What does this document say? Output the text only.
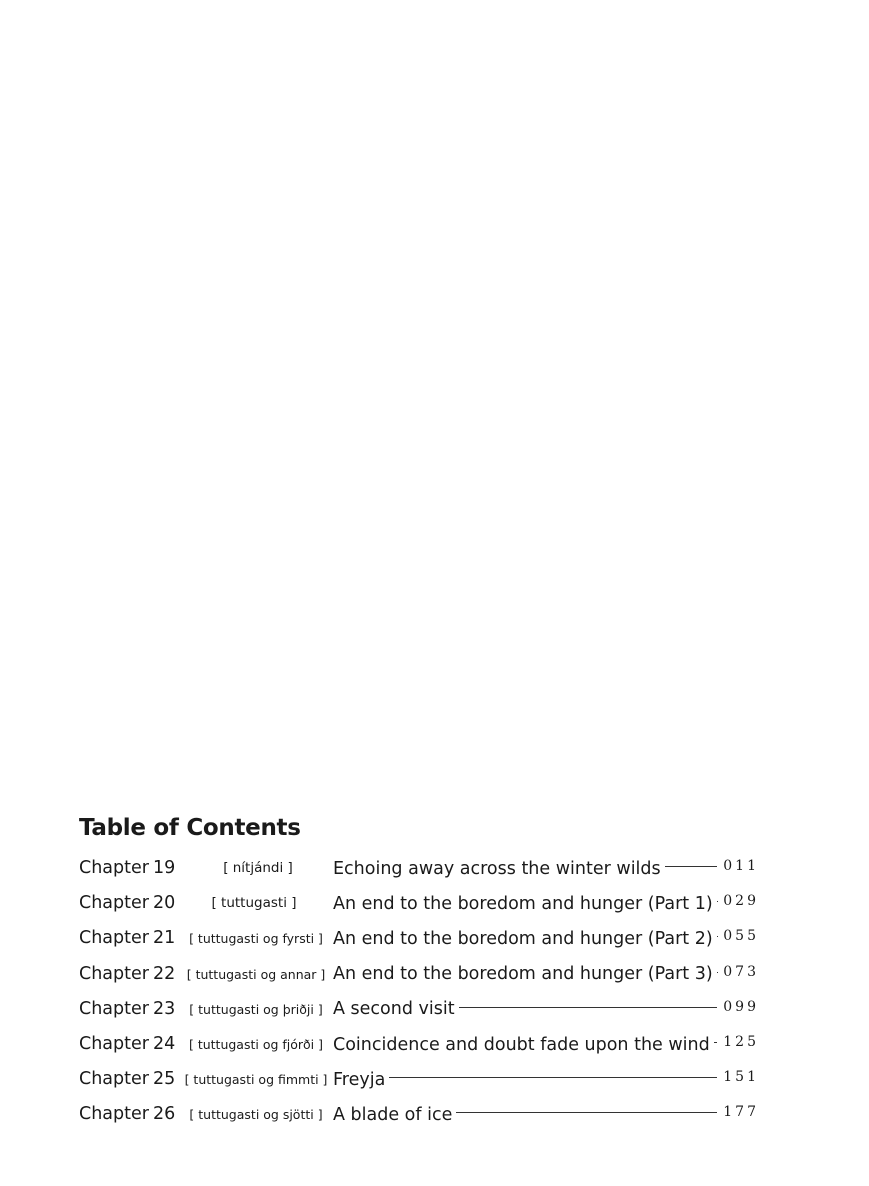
Table of Contents
Chapter 19	[ nítjándi ]	Echoing away across the winter wilds	011
Chapter 20	[ tuttugasti ]	An end to the boredom and hunger (Part 1) 029
Chapter 21	[ tuttugasti og fyrsti ] An end to the boredom and hunger (Part 2) 055
Chapter 22 [ tuttugasti og annar ] An end to the boredom and hunger (Part 3) 073
Chapter 23	[ tuttugasti og þriðji ] A second visit	099
Chapter 24	[ tuttugasti og fjórði ] Coincidence and doubt fade upon the wind 125
Chapter 25 [ tuttugasti og fimmti ] Freyja	151
Chapter 26	[ tuttugasti og sjötti ] A blade of ice	177
